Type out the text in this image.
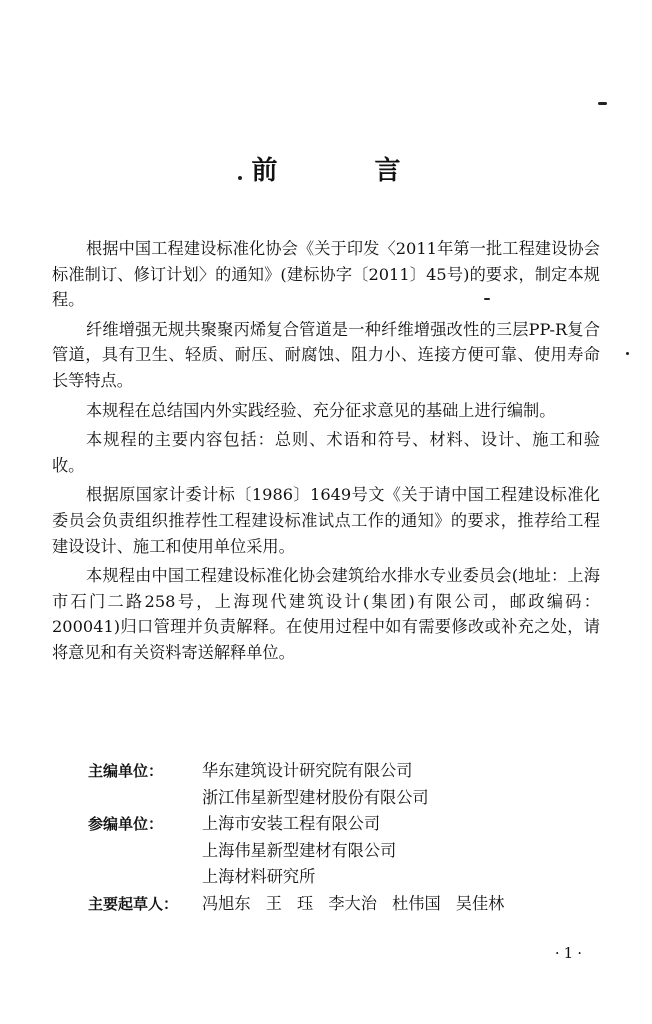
前 言

根据中国工程建设标准化协会《关于印发〈2011年第一批工程建设协会标准制订、修订计划〉的通知》(建标协字〔2011〕45号)的要求，制定本规程。

纤维增强无规共聚聚丙烯复合管道是一种纤维增强改性的三层PP-R复合管道，具有卫生、轻质、耐压、耐腐蚀、阻力小、连接方便可靠、使用寿命长等特点。

本规程在总结国内外实践经验、充分征求意见的基础上进行编制。

本规程的主要内容包括：总则、术语和符号、材料、设计、施工和验收。

根据原国家计委计标〔1986〕1649号文《关于请中国工程建设标准化委员会负责组织推荐性工程建设标准试点工作的通知》的要求，推荐给工程建设设计、施工和使用单位采用。

本规程由中国工程建设标准化协会建筑给水排水专业委员会(地址：上海市石门二路258号，上海现代建筑设计(集团)有限公司，邮政编码：200041)归口管理并负责解释。在使用过程中如有需要修改或补充之处，请将意见和有关资料寄送解释单位。

主编单位：	华东建筑设计研究院有限公司
浙江伟星新型建材股份有限公司
参编单位：	上海市安装工程有限公司
上海伟星新型建材有限公司
上海材料研究所
主要起草人：	冯旭东 王 珏 李大治 杜伟国 吴佳林
·1·
